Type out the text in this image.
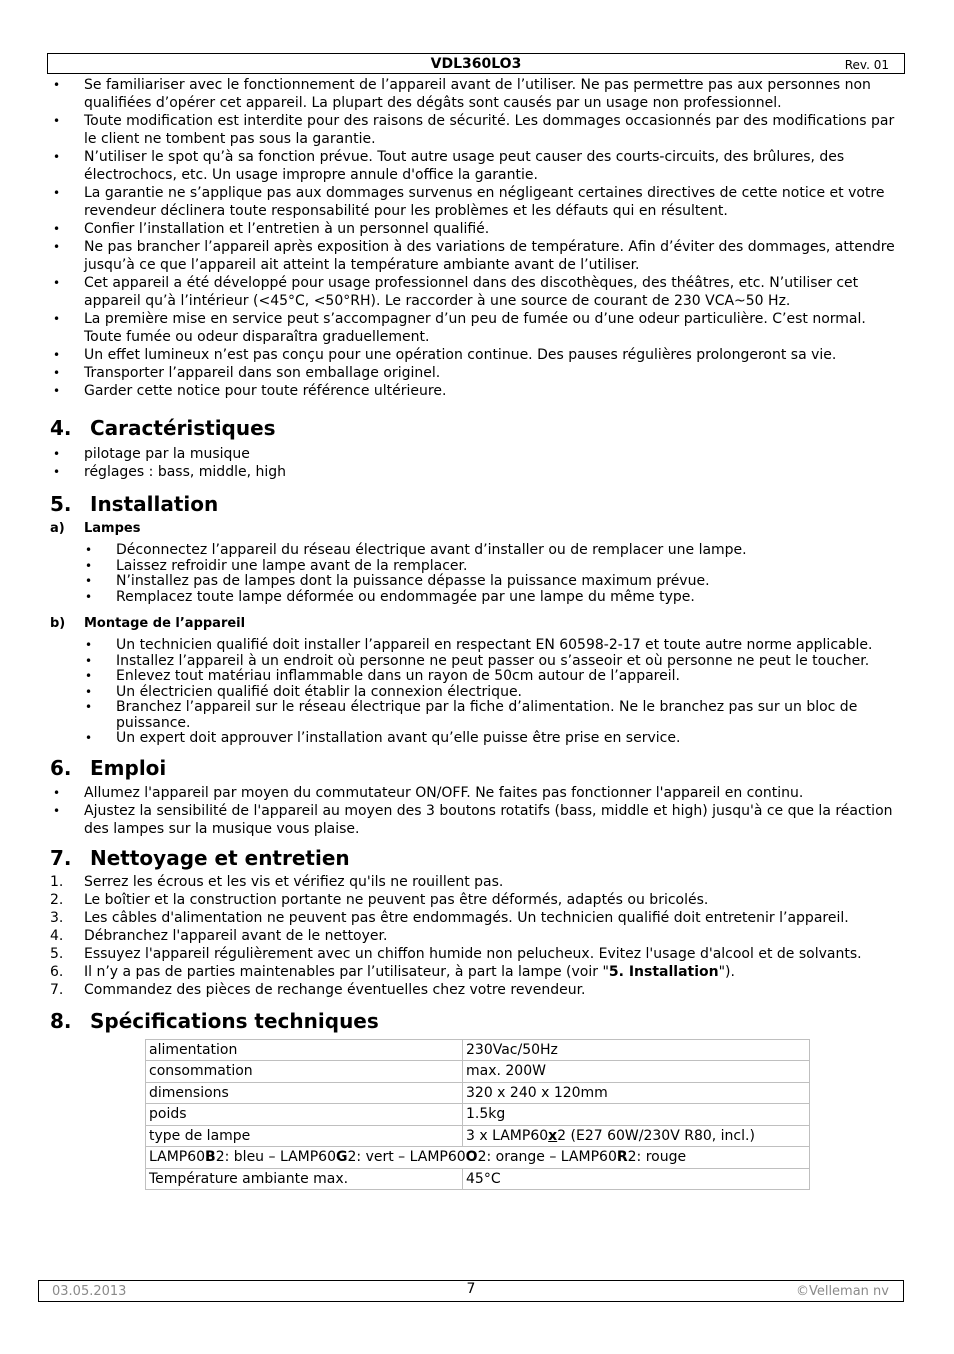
VDL360LO3	Rev. 01
• Se familiariser avec le fonctionnement de l’appareil avant de l’utiliser. Ne pas permettre pas aux personnes non qualifiées d’opérer cet appareil. La plupart des dégâts sont causés par un usage non professionnel.
• Toute modification est interdite pour des raisons de sécurité. Les dommages occasionnés par des modifications par le client ne tombent pas sous la garantie.
• N’utiliser le spot qu’à sa fonction prévue. Tout autre usage peut causer des courts-circuits, des brûlures, des électrochocs, etc. Un usage impropre annule d'office la garantie.
• La garantie ne s’applique pas aux dommages survenus en négligeant certaines directives de cette notice et votre revendeur déclinera toute responsabilité pour les problèmes et les défauts qui en résultent.
• Confier l’installation et l’entretien à un personnel qualifié.
• Ne pas brancher l’appareil après exposition à des variations de température. Afin d’éviter des dommages, attendre jusqu’à ce que l’appareil ait atteint la température ambiante avant de l’utiliser.
• Cet appareil a été développé pour usage professionnel dans des discothèques, des théâtres, etc. N’utiliser cet appareil qu’à l’intérieur (<45°C, <50°RH). Le raccorder à une source de courant de 230 VCA~50 Hz.
• La première mise en service peut s’accompagner d’un peu de fumée ou d’une odeur particulière. C’est normal. Toute fumée ou odeur disparaîtra graduellement.
• Un effet lumineux n’est pas conçu pour une opération continue. Des pauses régulières prolongeront sa vie.
• Transporter l’appareil dans son emballage originel.
• Garder cette notice pour toute référence ultérieure.
4. Caractéristiques
• pilotage par la musique
• réglages : bass, middle, high
5. Installation
a) Lampes
• Déconnectez l’appareil du réseau électrique avant d’installer ou de remplacer une lampe.
• Laissez refroidir une lampe avant de la remplacer.
• N’installez pas de lampes dont la puissance dépasse la puissance maximum prévue.
• Remplacez toute lampe déformée ou endommagée par une lampe du même type.
b) Montage de l’appareil
• Un technicien qualifié doit installer l’appareil en respectant EN 60598-2-17 et toute autre norme applicable.
• Installez l’appareil à un endroit où personne ne peut passer ou s’asseoir et où personne ne peut le toucher.
• Enlevez tout matériau inflammable dans un rayon de 50cm autour de l’appareil.
• Un électricien qualifié doit établir la connexion électrique.
• Branchez l’appareil sur le réseau électrique par la fiche d’alimentation. Ne le branchez pas sur un bloc de puissance.
• Un expert doit approuver l’installation avant qu’elle puisse être prise en service.
6. Emploi
• Allumez l'appareil par moyen du commutateur ON/OFF. Ne faites pas fonctionner l'appareil en continu.
• Ajustez la sensibilité de l'appareil au moyen des 3 boutons rotatifs (bass, middle et high) jusqu'à ce que la réaction des lampes sur la musique vous plaise.
7. Nettoyage et entretien
1. Serrez les écrous et les vis et vérifiez qu'ils ne rouillent pas.
2. Le boîtier et la construction portante ne peuvent pas être déformés, adaptés ou bricolés.
3. Les câbles d'alimentation ne peuvent pas être endommagés. Un technicien qualifié doit entretenir l’appareil.
4. Débranchez l'appareil avant de le nettoyer.
5. Essuyez l'appareil régulièrement avec un chiffon humide non pelucheux. Evitez l'usage d'alcool et de solvants.
6. Il n’y a pas de parties maintenables par l’utilisateur, à part la lampe (voir "5. Installation").
7. Commandez des pièces de rechange éventuelles chez votre revendeur.
8. Spécifications techniques
alimentation	230Vac/50Hz
consommation	max. 200W
dimensions	320 x 240 x 120mm
poids	1.5kg
type de lampe	3 x LAMP60x2 (E27 60W/230V R80, incl.)
LAMP60B2: bleu – LAMP60G2: vert – LAMP60O2: orange – LAMP60R2: rouge	
Température ambiante max.	45°C
03.05.2013	7	©Velleman nv
